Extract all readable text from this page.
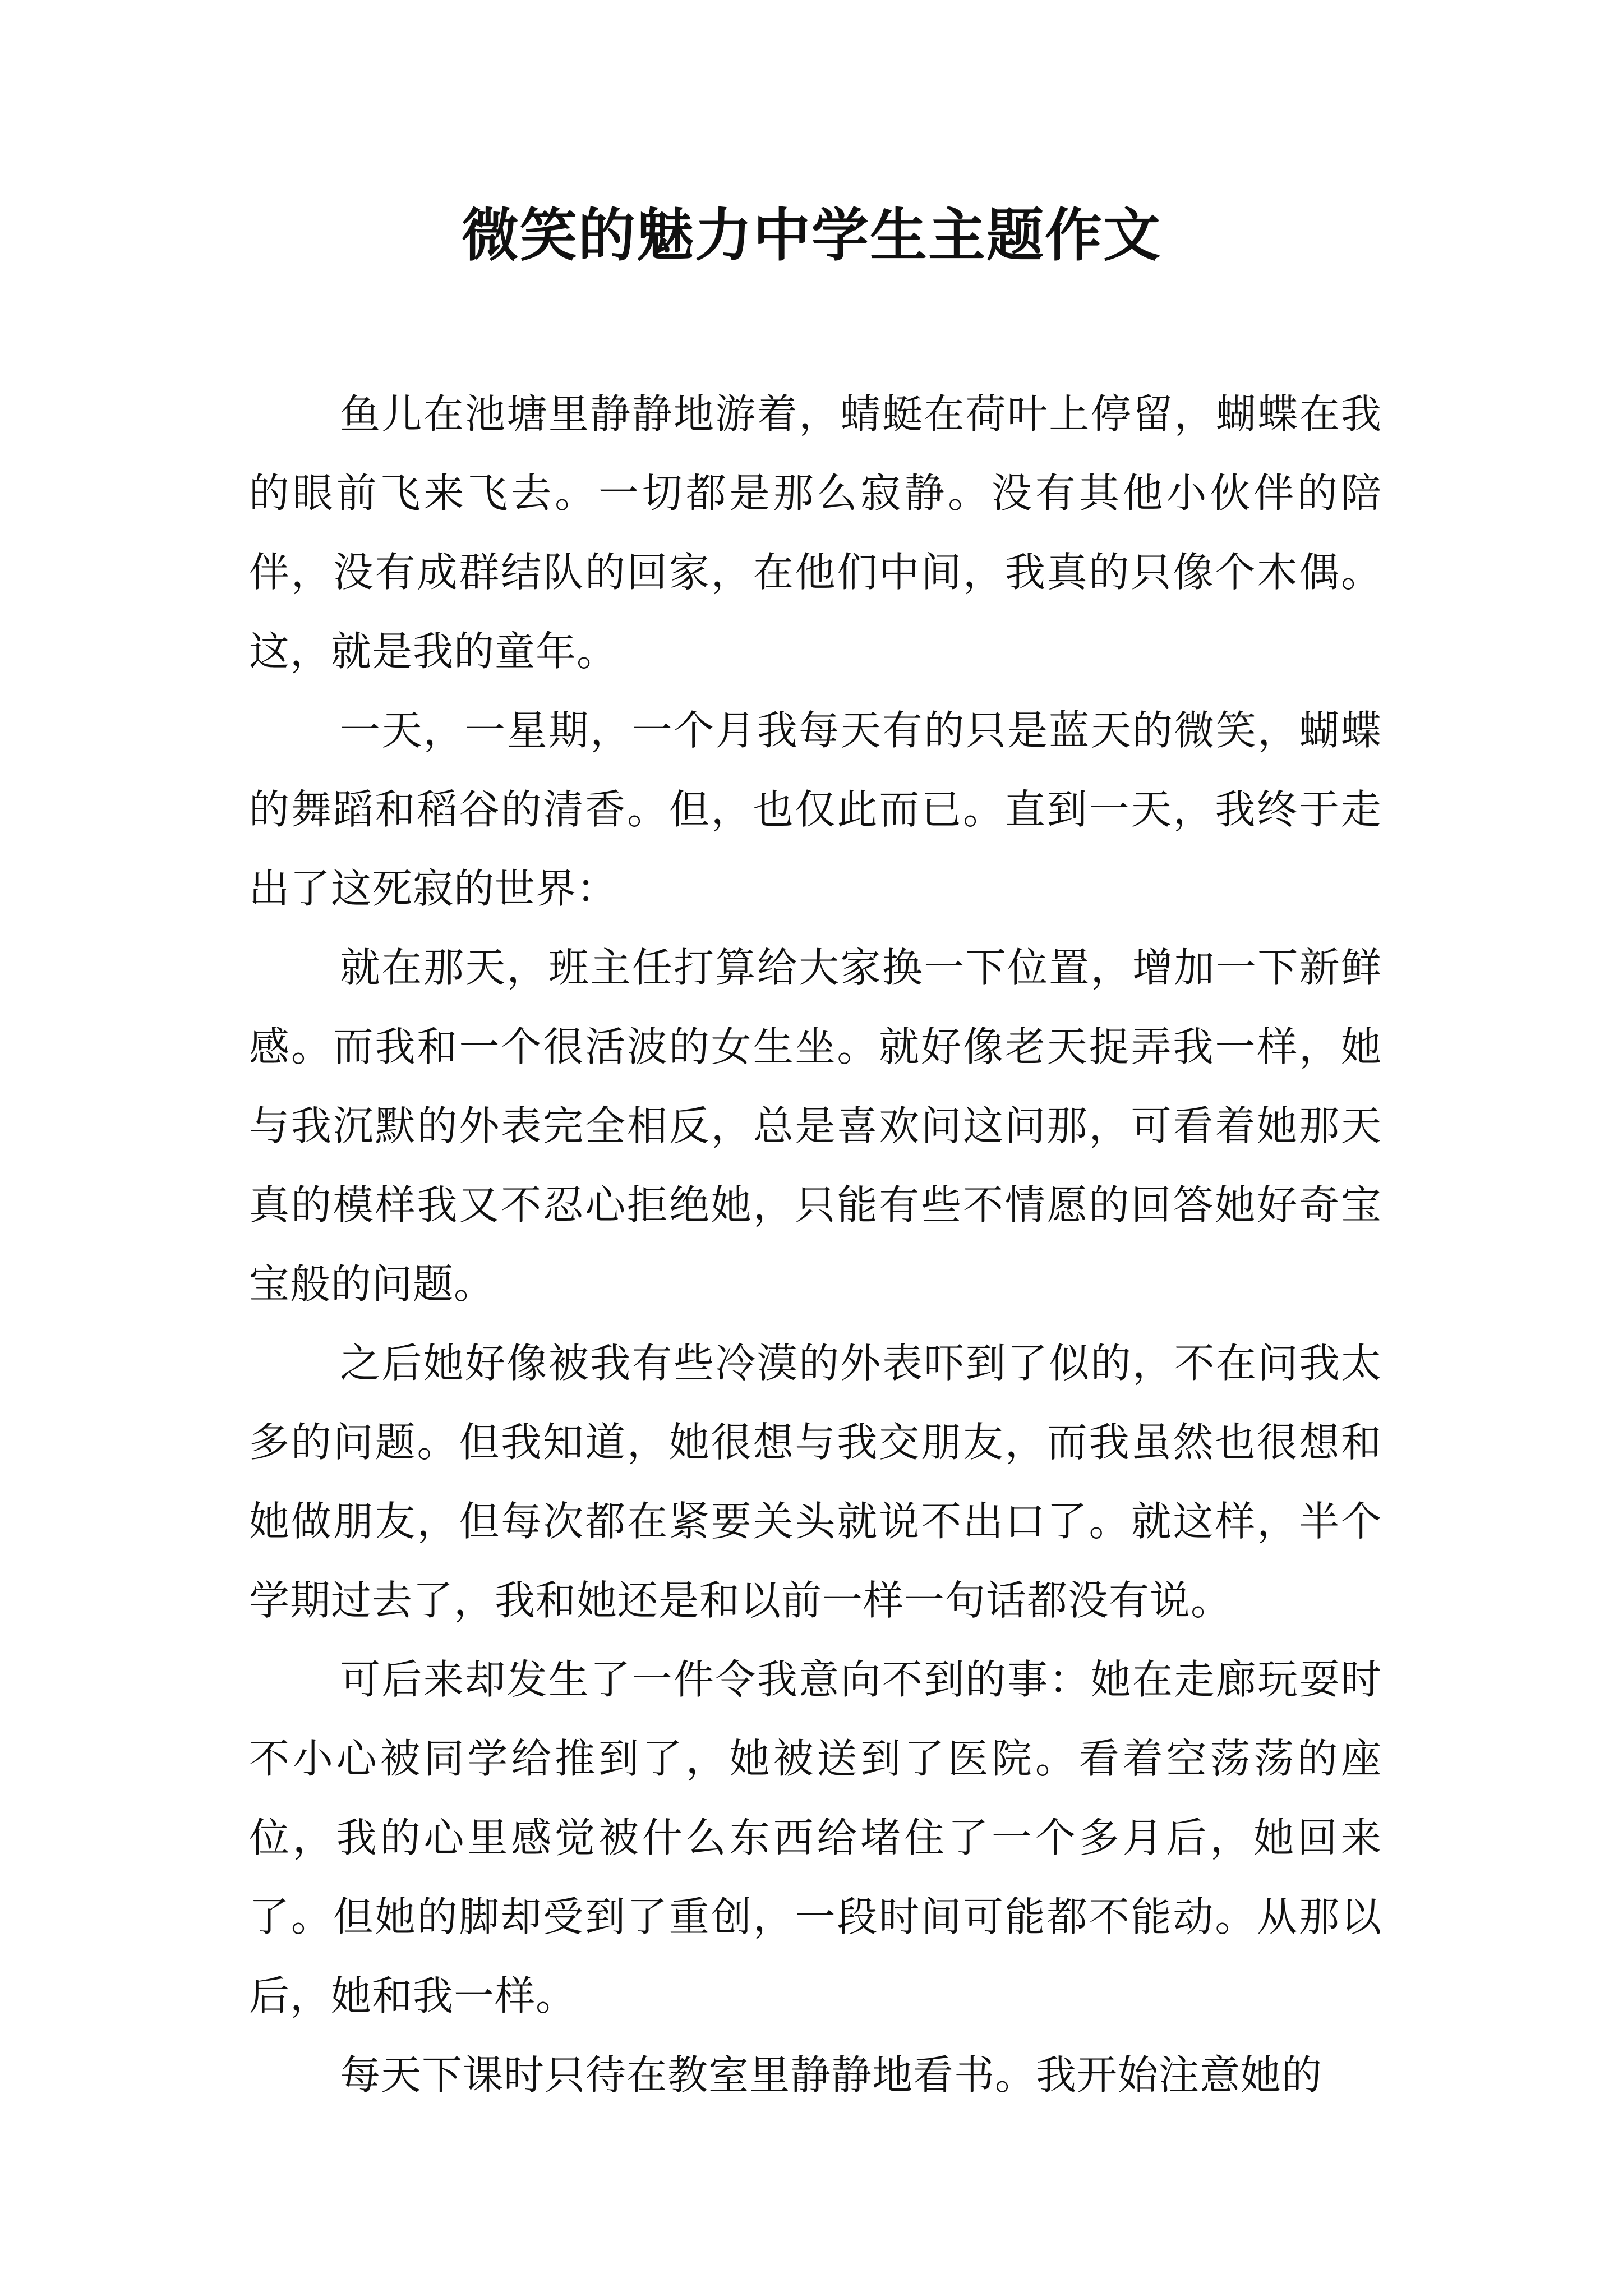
微笑的魅力中学生主题作文

鱼儿在池塘里静静地游着，蜻蜓在荷叶上停留，蝴蝶在我的眼前飞来飞去。一切都是那么寂静。没有其他小伙伴的陪伴，没有成群结队的回家，在他们中间，我真的只像个木偶。这，就是我的童年。

一天，一星期，一个月我每天有的只是蓝天的微笑，蝴蝶的舞蹈和稻谷的清香。但，也仅此而已。直到一天，我终于走出了这死寂的世界：

就在那天，班主任打算给大家换一下位置，增加一下新鲜感。而我和一个很活波的女生坐。就好像老天捉弄我一样，她与我沉默的外表完全相反，总是喜欢问这问那，可看着她那天真的模样我又不忍心拒绝她，只能有些不情愿的回答她好奇宝宝般的问题。

之后她好像被我有些冷漠的外表吓到了似的，不在问我太多的问题。但我知道，她很想与我交朋友，而我虽然也很想和她做朋友，但每次都在紧要关头就说不出口了。就这样，半个学期过去了，我和她还是和以前一样一句话都没有说。

可后来却发生了一件令我意向不到的事：她在走廊玩耍时不小心被同学给推到了，她被送到了医院。看着空荡荡的座位，我的心里感觉被什么东西给堵住了一个多月后，她回来了。但她的脚却受到了重创，一段时间可能都不能动。从那以后，她和我一样。

每天下课时只待在教室里静静地看书。我开始注意她的
